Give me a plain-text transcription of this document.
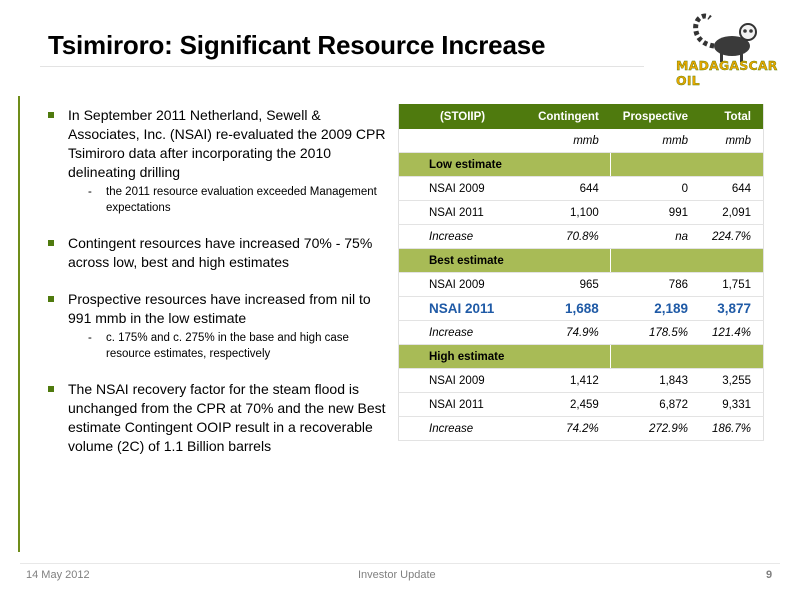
Tsimiroro: Significant Resource Increase
MADAGASCAR OIL
In September 2011 Netherland, Sewell & Associates, Inc. (NSAI) re-evaluated the 2009 CPR Tsimiroro data after incorporating the 2010 delineating drilling
- the 2011 resource evaluation exceeded Management expectations
Contingent resources have increased 70% - 75% across low, best and high estimates
Prospective resources have increased from nil to 991 mmb in the low estimate
- c. 175% and c. 275% in the base and high case resource estimates, respectively
The NSAI recovery factor for the steam flood is unchanged from the CPR at 70% and the new Best estimate Contingent OOIP result in a recoverable volume (2C) of 1.1 Billion barrels
(STOIIP)	Contingent	Prospective	Total
	mmb	mmb	mmb
Low estimate			
NSAI 2009	644	0	644
NSAI 2011	1,100	991	2,091
Increase	70.8%	na	224.7%
Best estimate			
NSAI 2009	965	786	1,751
NSAI 2011	1,688	2,189	3,877
Increase	74.9%	178.5%	121.4%
High estimate			
NSAI 2009	1,412	1,843	3,255
NSAI 2011	2,459	6,872	9,331
Increase	74.2%	272.9%	186.7%
14 May 2012	Investor Update	9
